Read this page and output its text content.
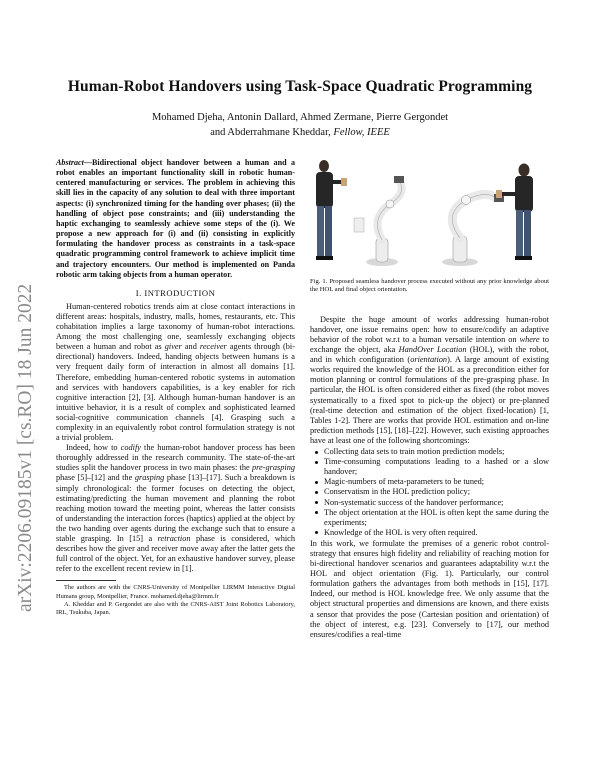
arXiv:2206.09185v1 [cs.RO] 18 Jun 2022
Human-Robot Handovers using Task-Space Quadratic Programming
Mohamed Djeha, Antonin Dallard, Ahmed Zermane, Pierre Gergondet
and Abderrahmane Kheddar, Fellow, IEEE
Abstract—Bidirectional object handover between a human and a robot enables an important functionality skill in robotic human-centered manufacturing or services. The problem in achieving this skill lies in the capacity of any solution to deal with three important aspects: (i) synchronized timing for the handing over phases; (ii) the handling of object pose constraints; and (iii) understanding the haptic exchanging to seamlessly achieve some steps of the (i). We propose a new approach for (i) and (ii) consisting in explicitly formulating the handover process as constraints in a task-space quadratic programming control framework to achieve implicit time and trajectory encounters. Our method is implemented on Panda robotic arm taking objects from a human operator.
I. INTRODUCTION

Human-centered robotics trends aim at close contact interactions in different areas: hospitals, industry, malls, homes, restaurants, etc. This cohabitation implies a large taxonomy of human-robot interactions. Among the most challenging one, seamlessly exchanging objects between a human and robot as giver and receiver agents through (bi-directional) handovers. Indeed, handing objects between humans is a very frequent daily form of interaction in almost all domains [1]. Therefore, embedding human-centered robotic systems in automation and services with handovers capabilities, is a key enabler for rich cognitive interaction [2], [3]. Although human-human handover is an intuitive behavior, it is a result of complex and sophisticated learned social-cognitive communication channels [4]. Grasping such a complexity in an equivalently robot control formulation strategy is not a trivial problem.

Indeed, how to codify the human-robot handover process has been thoroughly addressed in the research community. The state-of-the-art studies split the handover process in two main phases: the pre-grasping phase [5]–[12] and the grasping phase [13]–[17]. Such a breakdown is simply chronological: the former focuses on detecting the object, estimating/predicting the human movement and planning the robot reaching motion toward the meeting point, whereas the latter consists of understanding the interaction forces (haptics) applied at the object by the two handing over agents during the exchange such that to ensure a stable grasping. In [15] a retraction phase is considered, which describes how the giver and receiver move away after the latter gets the full control of the object. Yet, for an exhaustive handover survey, please refer to the excellent recent review in [1].

The authors are with the CNRS-University of Montpellier LIRMM Interactive Digital Humans group, Montpellier, France. mohamed.djeha@lirmm.fr

A. Kheddar and P. Gergondet are also with the CNRS-AIST Joint Robotics Laboratory, IRL, Tsukuba, Japan.

Fig. 1. Proposed seamless handover process executed without any prior knowledge about the HOL and final object orientation.

Despite the huge amount of works addressing human-robot handover, one issue remains open: how to ensure/codify an adaptive behavior of the robot w.r.t to a human versatile intention on where to exchange the object, aka HandOver Location (HOL), with the robot, and in which configuration (orientation). A large amount of existing works required the knowledge of the HOL as a precondition either for motion planning or control formulations of the pre-grasping phase. In particular, the HOL is often considered either as fixed (the robot moves systematically to a fixed spot to pick-up the object) or pre-planned (real-time detection and estimation of the object fixed-location) [1, Tables 1-2]. There are works that provide HOL estimation and on-line prediction methods [15], [18]–[22]. However, such existing approaches have at least one of the following shortcomings:

Collecting data sets to train motion prediction models;
Time-consuming computations leading to a hashed or a slow handover;
Magic-numbers of meta-parameters to be tuned;
Conservatism in the HOL prediction policy;
Non-systematic success of the handover performance;
The object orientation at the HOL is often kept the same during the experiments;
Knowledge of the HOL is very often required.

In this work, we formulate the premises of a generic robot control-strategy that ensures high fidelity and reliability of reaching motion for bi-directional handover scenarios and guarantees adaptability w.r.t the HOL and object orientation (Fig. 1). Particularly, our control formulation gathers the advantages from both methods in [15], [17]. Indeed, our method is HOL knowledge free. We only assume that the object structural properties and dimensions are known, and there exists a sensor that provides the pose (Cartesian position and orientation) of the object of interest, e.g. [23]. Conversely to [17], our method ensures/codifies a real-time
